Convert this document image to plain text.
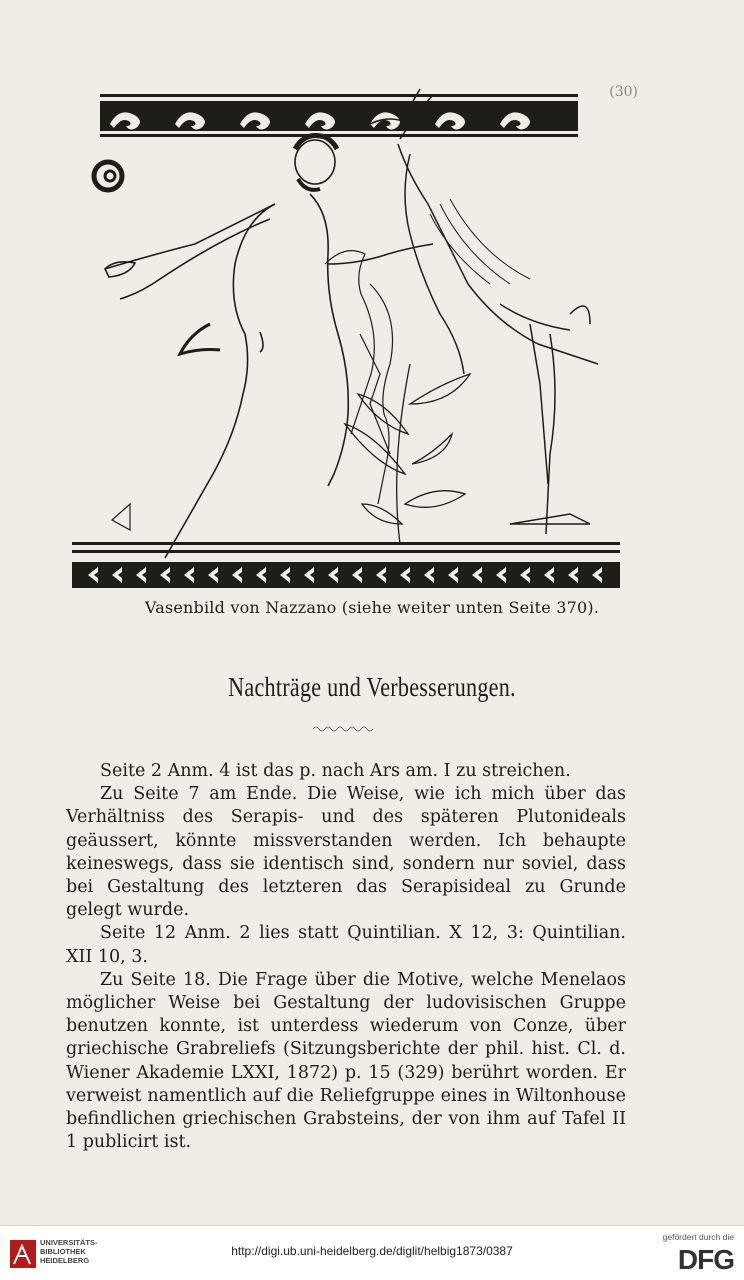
(30)
Vasenbild von Nazzano (siehe weiter unten Seite 370).
Nachträge und Verbesserungen.

Seite 2 Anm. 4 ist das p. nach Ars am. I zu streichen.

Zu Seite 7 am Ende. Die Weise, wie ich mich über das Verhältniss des Serapis- und des späteren Plutonideals geäussert, könnte missverstanden werden. Ich behaupte keineswegs, dass sie identisch sind, sondern nur soviel, dass bei Gestaltung des letzteren das Serapisideal zu Grunde gelegt wurde.

Seite 12 Anm. 2 lies statt Quintilian. X 12, 3: Quintilian. XII 10, 3.

Zu Seite 18. Die Frage über die Motive, welche Menelaos möglicher Weise bei Gestaltung der ludovisischen Gruppe benutzen konnte, ist unterdess wiederum von Conze, über griechische Grabreliefs (Sitzungsberichte der phil. hist. Cl. d. Wiener Akademie LXXI, 1872) p. 15 (329) berührt worden. Er verweist namentlich auf die Reliefgruppe eines in Wiltonhouse befindlichen griechischen Grabsteins, der von ihm auf Tafel II 1 publicirt ist.

UNIVERSITÄTS-
BIBLIOTHEK
HEIDELBERG
http://digi.ub.uni-heidelberg.de/diglit/helbig1873/0387
gefördert durch die
DFG
